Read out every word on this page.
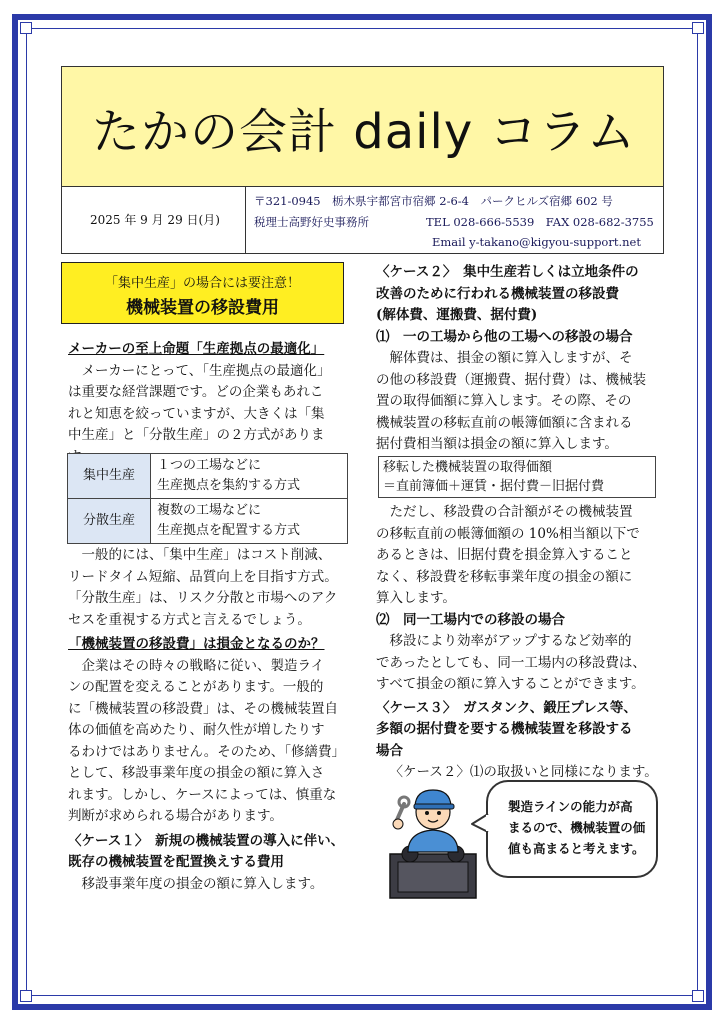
たかの会計 daily コラム
2025 年 9 月 29 日(月)
〒321-0945　栃木県宇都宮市宿郷 2-6-4　パークヒルズ宿郷 602 号
税理士高野好史事務所	TEL 028-666-5539　FAX 028-682-3755
Email y-takano@kigyou-support.net
「集中生産」の場合には要注意！
機械装置の移設費用
メーカーの至上命題「生産拠点の最適化」
メーカーにとって、「生産拠点の最適化」
は重要な経営課題です。どの企業もあれこ
れと知恵を絞っていますが、大きくは「集
中生産」と「分散生産」の２方式がありま
集中生産	１つの工場などに
生産拠点を集約する方式

分散生産	複数の工場などに
生産拠点を配置する方式
一般的には、「集中生産」はコスト削減、
リードタイム短縮、品質向上を目指す方式。
「分散生産」は、リスク分散と市場へのアク
セスを重視する方式と言えるでしょう。
「機械装置の移設費」は損金となるのか？
企業はその時々の戦略に従い、製造ライ
ンの配置を変えることがあります。一般的
に「機械装置の移設費」は、その機械装置自
体の価値を高めたり、耐久性が増したりす
るわけではありません。そのため、「修繕費」
として、移設事業年度の損金の額に算入さ
れます。しかし、ケースによっては、慎重な
判断が求められる場合があります。
〈ケース１〉　新規の機械装置の導入に伴い、
既存の機械装置を配置換えする費用
移設事業年度の損金の額に算入します。
〈ケース２〉　集中生産若しくは立地条件の
改善のために行われる機械装置の移設費
(解体費、運搬費、据付費)
⑴　一の工場から他の工場への移設の場合
解体費は、損金の額に算入しますが、そ
の他の移設費（運搬費、据付費）は、機械装
置の取得価額に算入します。その際、その
機械装置の移転直前の帳簿価額に含まれる
据付費相当額は損金の額に算入します。
移転した機械装置の取得価額
＝直前簿価＋運賃・据付費－旧据付費
ただし、移設費の合計額がその機械装置
の移転直前の帳簿価額の 10%相当額以下で
あるときは、旧据付費を損金算入すること
なく、移設費を移転事業年度の損金の額に
算入します。
⑵　同一工場内での移設の場合
移設により効率がアップするなど効率的
であったとしても、同一工場内の移設費は、
すべて損金の額に算入することができます。
〈ケース３〉　ガスタンク、鍛圧プレス等、
多額の据付費を要する機械装置を移設する
場合
〈ケース２〉⑴の取扱いと同様になります。
製造ラインの能力が高
まるので、機械装置の価
値も高まると考えます。
